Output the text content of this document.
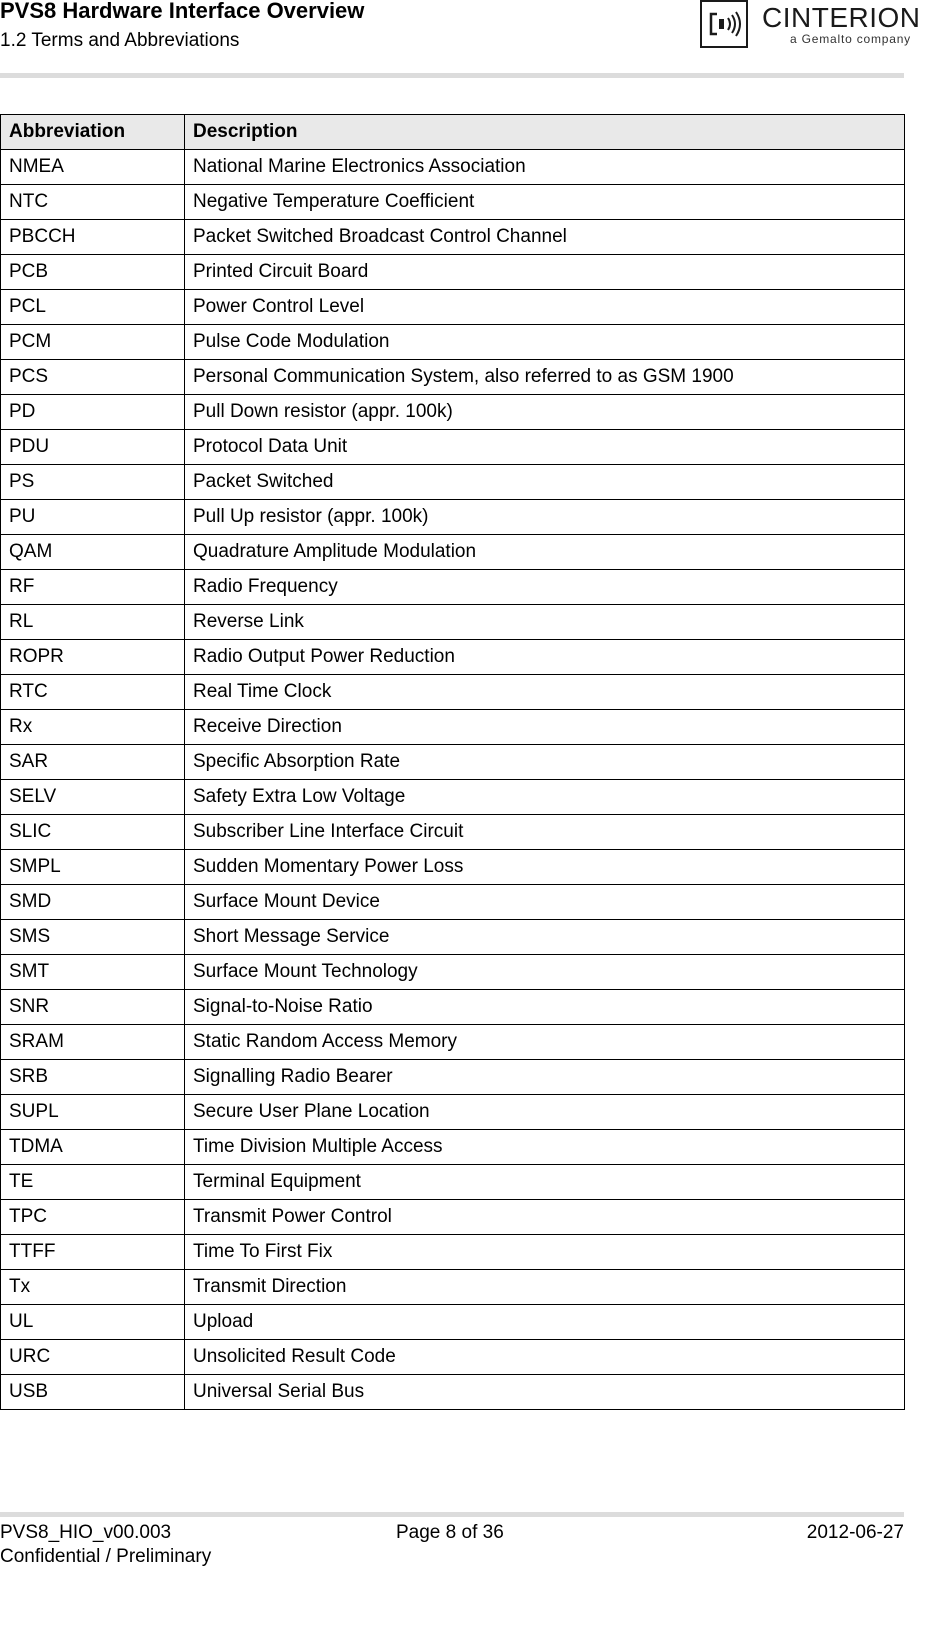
PVS8 Hardware Interface Overview
1.2 Terms and Abbreviations
CINTERION
a Gemalto company
Abbreviation	Description
NMEA	National Marine Electronics Association
NTC	Negative Temperature Coefficient
PBCCH	Packet Switched Broadcast Control Channel
PCB	Printed Circuit Board
PCL	Power Control Level
PCM	Pulse Code Modulation
PCS	Personal Communication System, also referred to as GSM 1900
PD	Pull Down resistor (appr. 100k)
PDU	Protocol Data Unit
PS	Packet Switched
PU	Pull Up resistor (appr. 100k)
QAM	Quadrature Amplitude Modulation
RF	Radio Frequency
RL	Reverse Link
ROPR	Radio Output Power Reduction
RTC	Real Time Clock
Rx	Receive Direction
SAR	Specific Absorption Rate
SELV	Safety Extra Low Voltage
SLIC	Subscriber Line Interface Circuit
SMPL	Sudden Momentary Power Loss
SMD	Surface Mount Device
SMS	Short Message Service
SMT	Surface Mount Technology
SNR	Signal-to-Noise Ratio
SRAM	Static Random Access Memory
SRB	Signalling Radio Bearer
SUPL	Secure User Plane Location
TDMA	Time Division Multiple Access
TE	Terminal Equipment
TPC	Transmit Power Control
TTFF	Time To First Fix
Tx	Transmit Direction
UL	Upload
URC	Unsolicited Result Code
USB	Universal Serial Bus
PVS8_HIO_v00.003
Confidential / Preliminary
Page 8 of 36	2012-06-27
